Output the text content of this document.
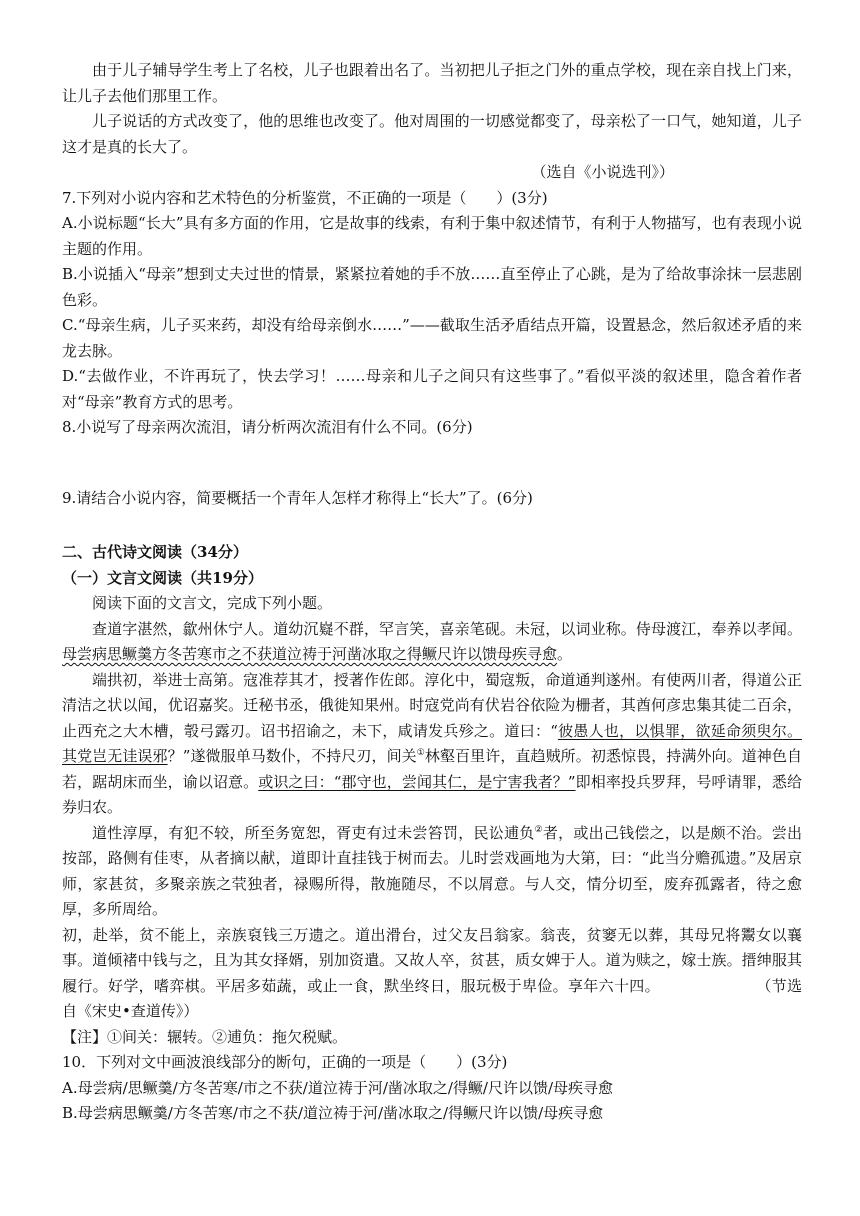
由于儿子辅导学生考上了名校，儿子也跟着出名了。当初把儿子拒之门外的重点学校，现在亲自找上门来，让儿子去他们那里工作。

儿子说话的方式改变了，他的思维也改变了。他对周围的一切感觉都变了，母亲松了一口气，她知道，儿子这才是真的长大了。

（选自《小说选刊》）

7.下列对小说内容和艺术特色的分析鉴赏，不正确的一项是（　　）(3分)

A.小说标题“长大”具有多方面的作用，它是故事的线索，有利于集中叙述情节，有利于人物描写，也有表现小说主题的作用。

B.小说插入“母亲”想到丈夫过世的情景，紧紧拉着她的手不放……直至停止了心跳，是为了给故事涂抹一层悲剧色彩。

C.“母亲生病，儿子买来药，却没有给母亲倒水……”——截取生活矛盾结点开篇，设置悬念，然后叙述矛盾的来龙去脉。

D.“去做作业，不许再玩了，快去学习！……母亲和儿子之间只有这些事了。”看似平淡的叙述里，隐含着作者对“母亲”教育方式的思考。

8.小说写了母亲两次流泪，请分析两次流泪有什么不同。(6分)

9.请结合小说内容，简要概括一个青年人怎样才称得上“长大”了。(6分)

二、古代诗文阅读（34分）

（一）文言文阅读（共19分）

阅读下面的文言文，完成下列小题。

查道字湛然，歙州休宁人。道幼沉嶷不群，罕言笑，喜亲笔砚。未冠，以词业称。侍母渡江，奉养以孝闻。母尝病思鳜羹方冬苦寒市之不获道泣祷于河凿冰取之得鳜尺许以馈母疾寻愈。

端拱初，举进士高第。寇准荐其才，授著作佐郎。淳化中，蜀寇叛，命道通判遂州。有使两川者，得道公正清洁之状以闻，优诏嘉奖。迁秘书丞，俄徙知果州。时寇党尚有伏岩谷依险为栅者，其酋何彦忠集其徒二百余，止西充之大木槽，彀弓露刃。诏书招谕之，未下，咸请发兵殄之。道曰：“彼愚人也，以惧罪，欲延命须臾尔。其党岂无诖误邪？”遂微服单马数仆，不持尺刃，间关①林壑百里许，直趋贼所。初悉惊畏，持满外向。道神色自若，踞胡床而坐，谕以诏意。或识之曰：“郡守也，尝闻其仁，是宁害我者？”即相率投兵罗拜，号呼请罪，悉给券归农。

道性淳厚，有犯不较，所至务宽恕，胥吏有过未尝笞罚，民讼逋负②者，或出己钱偿之，以是颇不治。尝出按部，路侧有佳枣，从者摘以献，道即计直挂钱于树而去。儿时尝戏画地为大第，曰：“此当分赡孤遗。”及居京师，家甚贫，多聚亲族之茕独者，禄赐所得，散施随尽，不以屑意。与人交，情分切至，废弃孤露者，待之愈厚，多所周给。

初，赴举，贫不能上，亲族裒钱三万遗之。道出滑台，过父友吕翁家。翁丧，贫窭无以葬，其母兄将鬻女以襄事。道倾褚中钱与之，且为其女择婿，别加资遣。又故人卒，贫甚，质女婢于人。道为赎之，嫁士族。搢绅服其履行。好学，嗜弈棋。平居多茹蔬，或止一食，默坐终日，服玩极于卑俭。享年六十四。	（节选自《宋史•查道传》）

【注】①间关：辗转。②逋负：拖欠税赋。

10．下列对文中画波浪线部分的断句，正确的一项是（　　）(3分)

A.母尝病/思鳜羹/方冬苦寒/市之不获/道泣祷于河/凿冰取之/得鳜/尺许以馈/母疾寻愈

B.母尝病思鳜羹/方冬苦寒/市之不获/道泣祷于河/凿冰取之/得鳜尺许以馈/母疾寻愈
